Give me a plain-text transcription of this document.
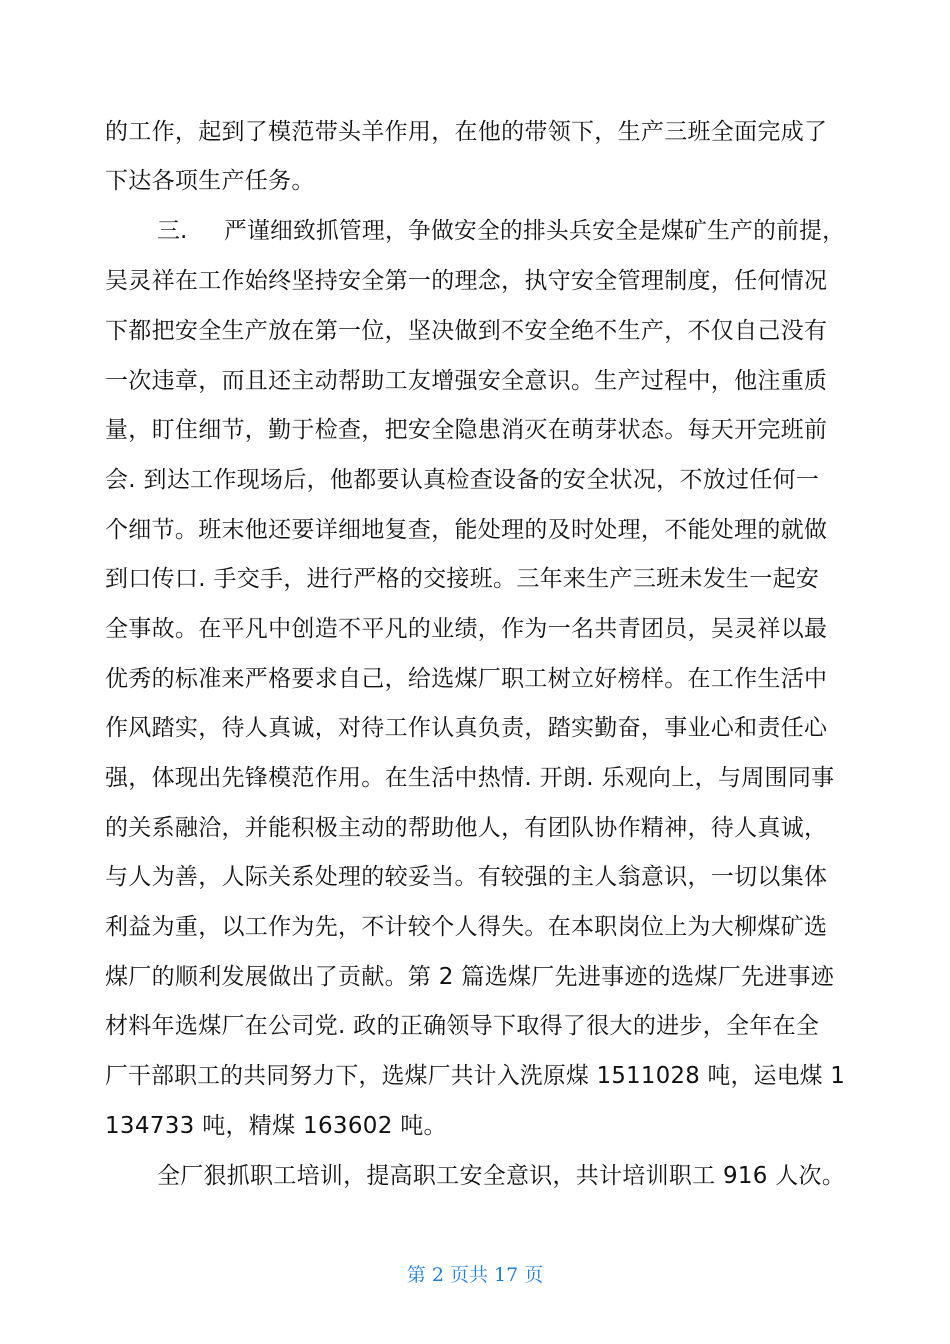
的工作，起到了模范带头羊作用，在他的带领下，生产三班全面完成了
下达各项生产任务。
三. 严谨细致抓管理，争做安全的排头兵安全是煤矿生产的前提，
吴灵祥在工作始终坚持安全第一的理念，执守安全管理制度，任何情况
下都把安全生产放在第一位，坚决做到不安全绝不生产，不仅自己没有
一次违章，而且还主动帮助工友增强安全意识。生产过程中，他注重质
量，盯住细节，勤于检查，把安全隐患消灭在萌芽状态。每天开完班前
会. 到达工作现场后，他都要认真检查设备的安全状况，不放过任何一
个细节。班末他还要详细地复查，能处理的及时处理，不能处理的就做
到口传口. 手交手，进行严格的交接班。三年来生产三班未发生一起安
全事故。在平凡中创造不平凡的业绩，作为一名共青团员，吴灵祥以最
优秀的标准来严格要求自己，给选煤厂职工树立好榜样。在工作生活中
作风踏实，待人真诚，对待工作认真负责，踏实勤奋，事业心和责任心
强，体现出先锋模范作用。在生活中热情. 开朗. 乐观向上，与周围同事
的关系融洽，并能积极主动的帮助他人，有团队协作精神，待人真诚，
与人为善，人际关系处理的较妥当。有较强的主人翁意识，一切以集体
利益为重，以工作为先，不计较个人得失。在本职岗位上为大柳煤矿选
煤厂的顺利发展做出了贡献。第 2 篇选煤厂先进事迹的选煤厂先进事迹
材料年选煤厂在公司党. 政的正确领导下取得了很大的进步，全年在全
厂干部职工的共同努力下，选煤厂共计入洗原煤 1511028 吨，运电煤 1
134733 吨，精煤 163602 吨。
全厂狠抓职工培训，提高职工安全意识，共计培训职工 916 人次。
第 2 页共 17 页
